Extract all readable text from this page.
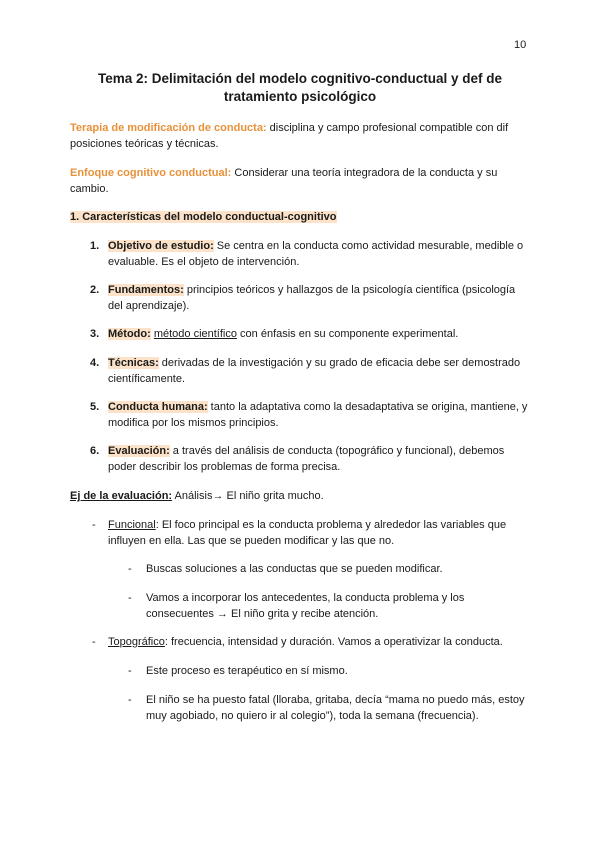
10
Tema 2: Delimitación del modelo cognitivo-conductual y def de tratamiento psicológico
Terapia de modificación de conducta: disciplina y campo profesional compatible con dif posiciones teóricas y técnicas.
Enfoque cognitivo conductual: Considerar una teoría integradora de la conducta y su cambio.
1. Características del modelo conductual-cognitivo
1. Objetivo de estudio: Se centra en la conducta como actividad mesurable, medible o evaluable. Es el objeto de intervención.
2. Fundamentos: principios teóricos y hallazgos de la psicología científica (psicología del aprendizaje).
3. Método: método científico con énfasis en su componente experimental.
4. Técnicas: derivadas de la investigación y su grado de eficacia debe ser demostrado científicamente.
5. Conducta humana: tanto la adaptativa como la desadaptativa se origina, mantiene, y modifica por los mismos principios.
6. Evaluación: a través del análisis de conducta (topográfico y funcional), debemos poder describir los problemas de forma precisa.
Ej de la evaluación: Análisis→ El niño grita mucho.
- Funcional: El foco principal es la conducta problema y alrededor las variables que influyen en ella. Las que se pueden modificar y las que no.
- Buscas soluciones a las conductas que se pueden modificar.
- Vamos a incorporar los antecedentes, la conducta problema y los consecuentes → El niño grita y recibe atención.
- Topográfico: frecuencia, intensidad y duración. Vamos a operativizar la conducta.
- Este proceso es terapéutico en sí mismo.
- El niño se ha puesto fatal (lloraba, gritaba, decía “mama no puedo más, estoy muy agobiado, no quiero ir al colegio”), toda la semana (frecuencia).
